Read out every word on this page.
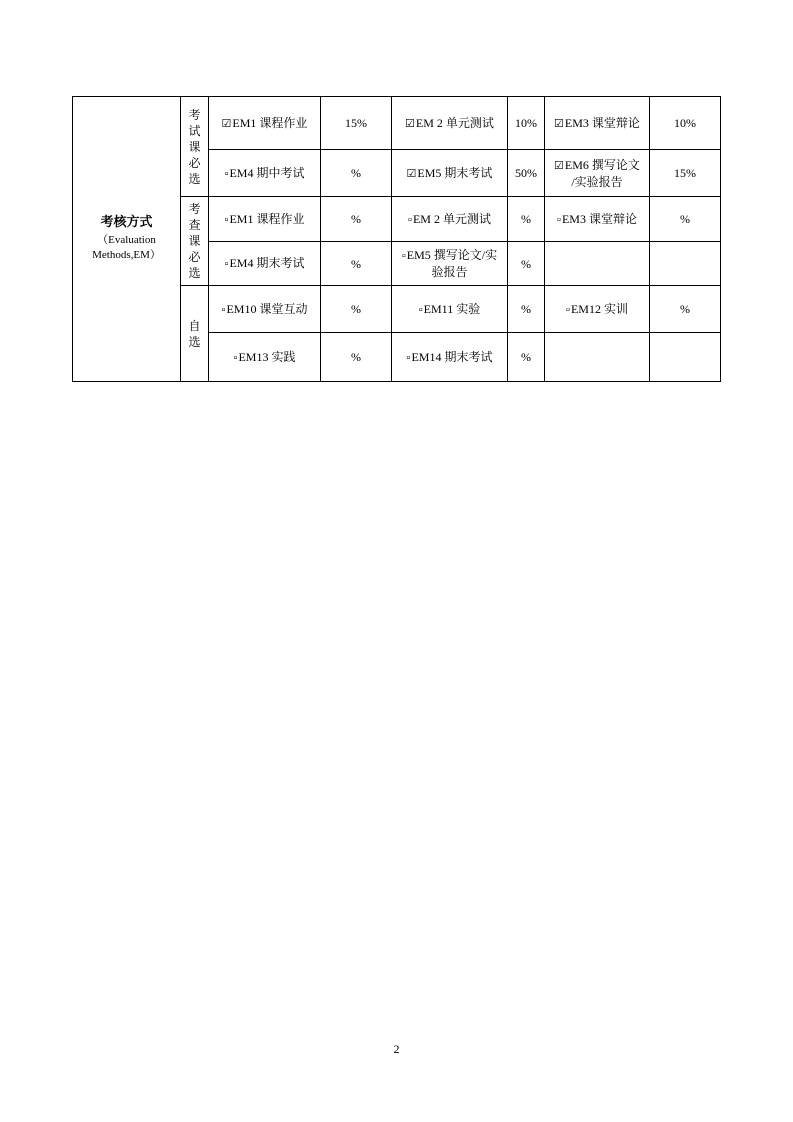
考核方式
（Evaluation
Methods,EM）	考
试
课
必
选	☑EM1 课程作业	15%	☑EM 2 单元测试	10%	☑EM3 课堂辩论	10%
		▫EM4 期中考试	%	☑EM5 期末考试	50%	☑EM6 撰写论文
/实验报告	15%

	考
查
课
必
选	▫EM1 课程作业	%	▫EM 2 单元测试	%	▫EM3 课堂辩论	%
		▫EM4 期末考试	%	▫EM5 撰写论文/实
验报告	%		

	自
选	▫EM10 课堂互动	%	▫EM11 实验	%	▫EM12 实训	%
		▫EM13 实践	%	▫EM14 期末考试	%		
2
